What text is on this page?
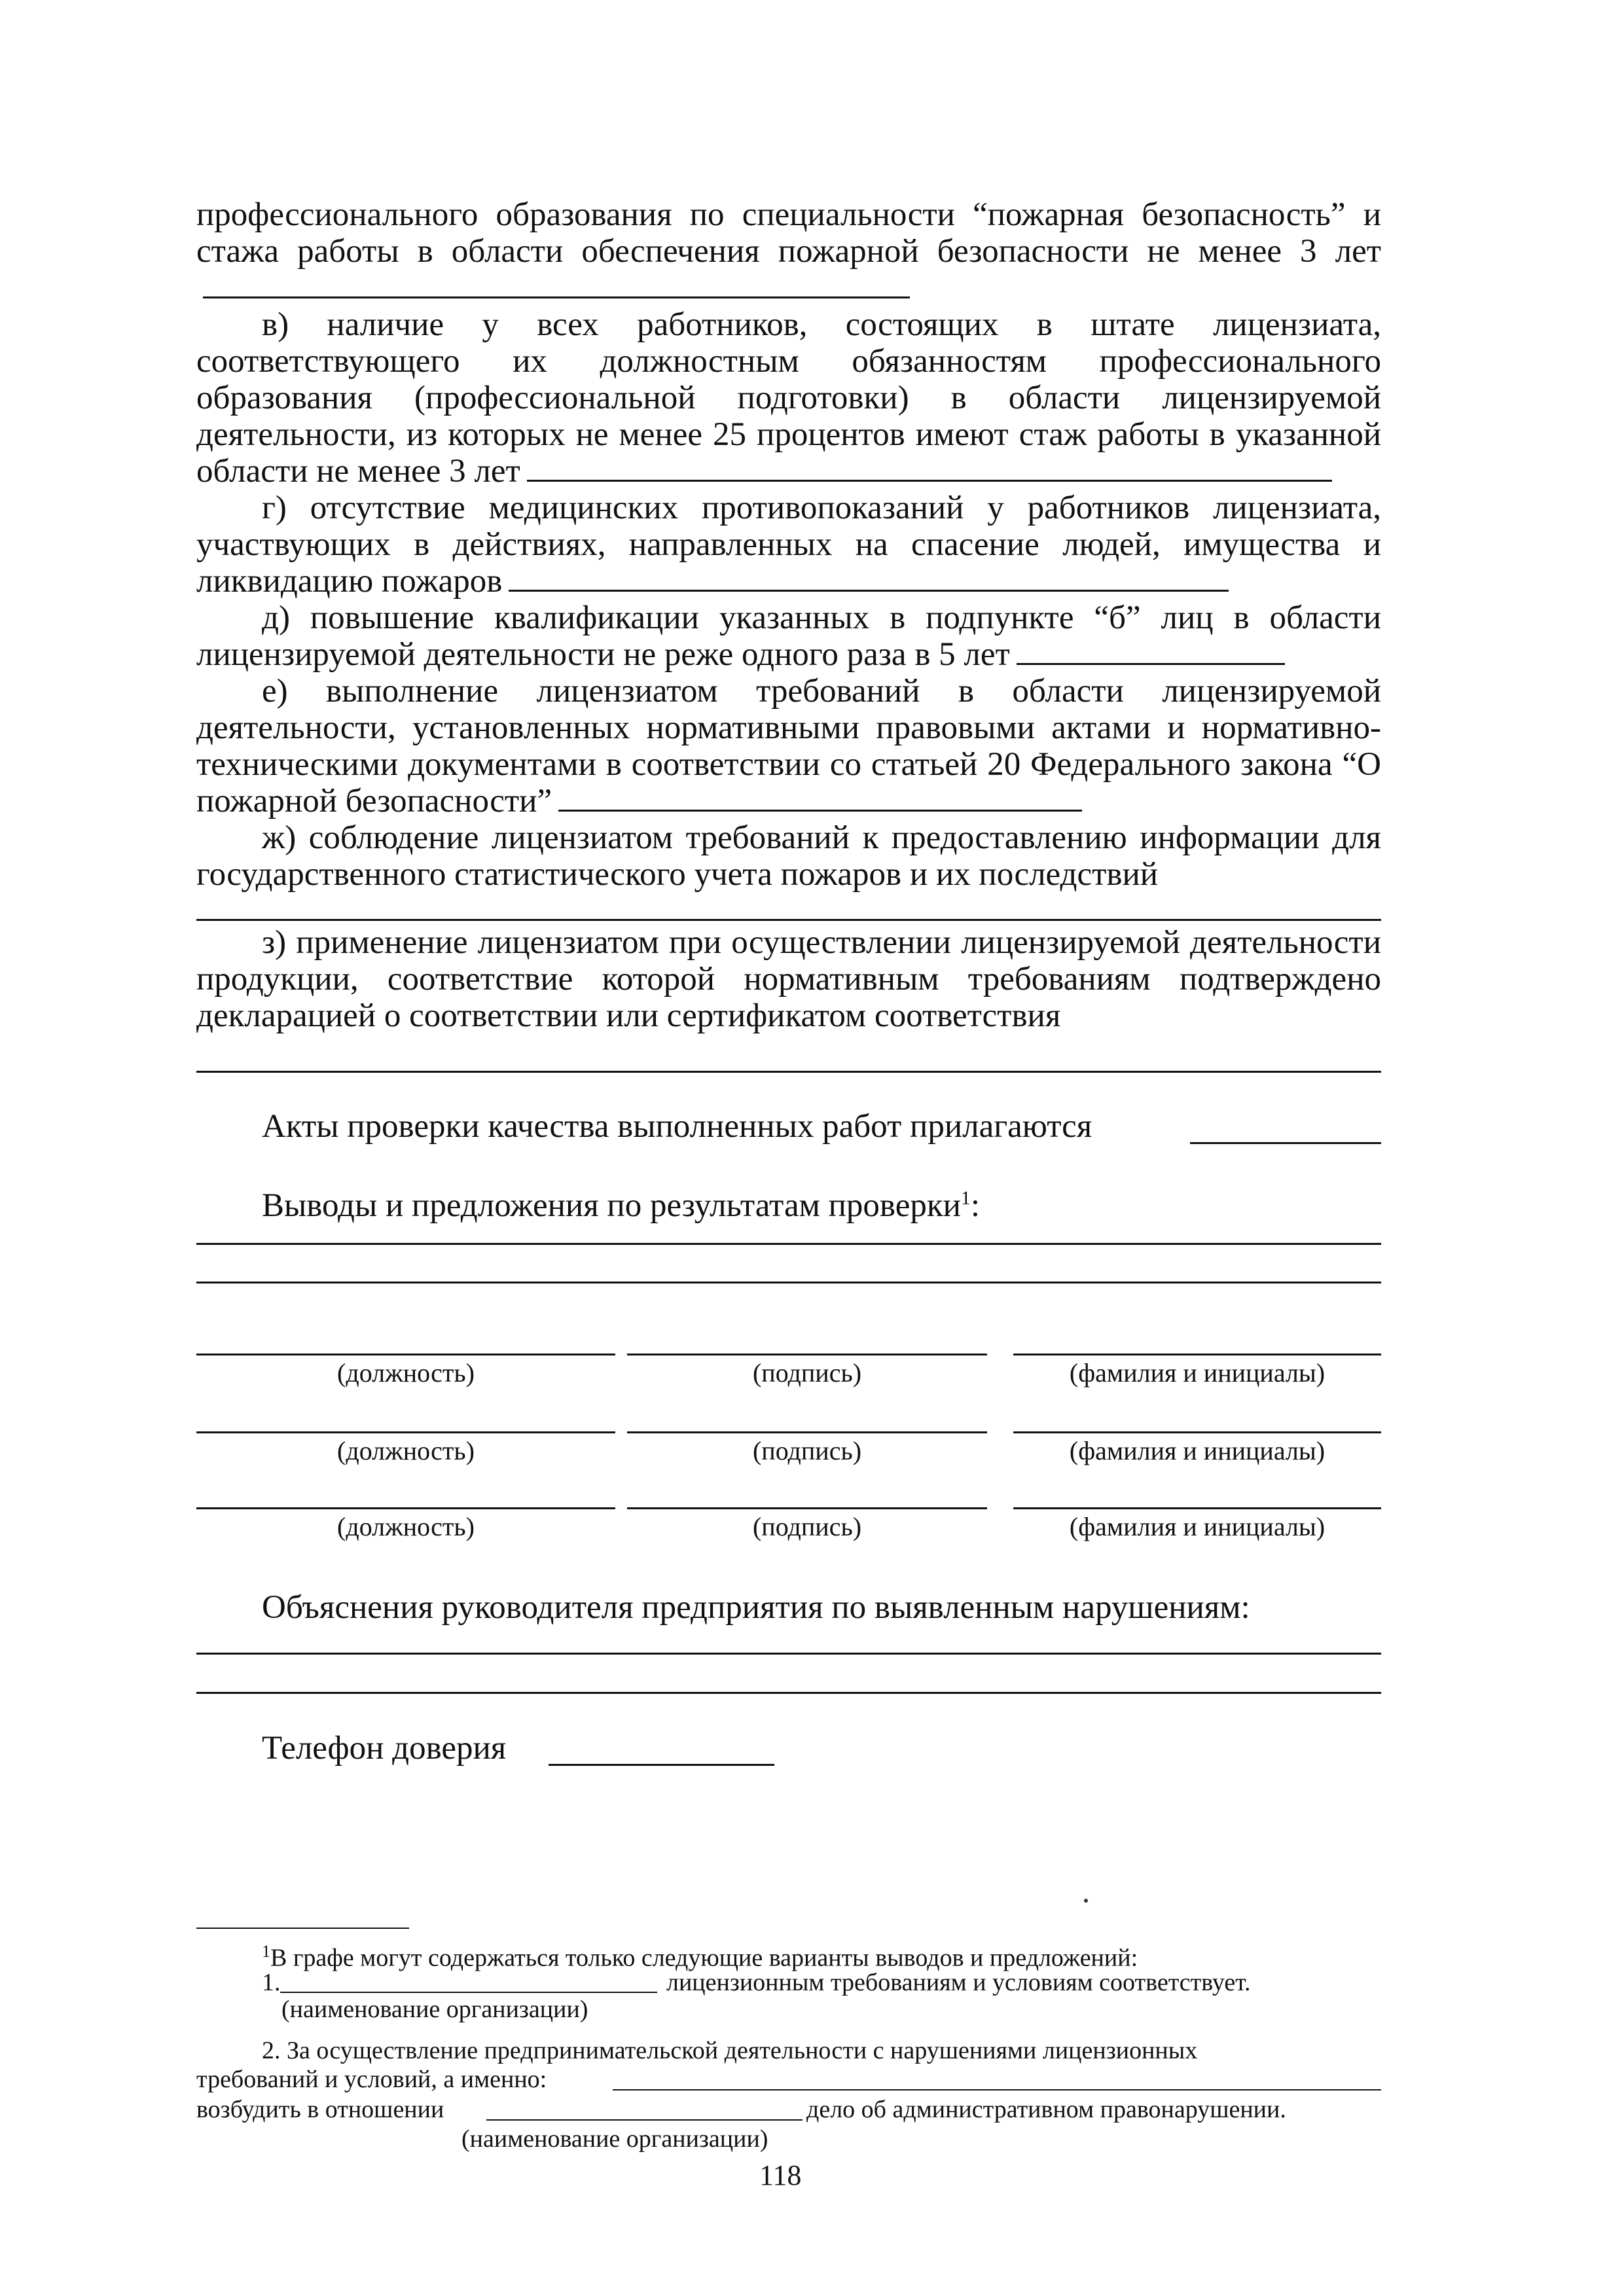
профессионального образования по специальности “пожарная безопасность” и стажа работы в области обеспечения пожарной безопасности не менее 3 лет

в) наличие у всех работников, состоящих в штате лицензиата, соответствующего их должностным обязанностям профессионального образования (профессиональной подготовки) в области лицензируемой деятельности, из которых не менее 25 процентов имеют стаж работы в указанной области не менее 3 лет

г) отсутствие медицинских противопоказаний у работников лицензиата, участвующих в действиях, направленных на спасение людей, имущества и ликвидацию пожаров

д) повышение квалификации указанных в подпункте “б” лиц в области лицензируемой деятельности не реже одного раза в 5 лет

е) выполнение лицензиатом требований в области лицензируемой деятельности, установленных нормативными правовыми актами и нормативно-техническими документами в соответствии со статьей 20 Федерального закона “О пожарной безопасности”

ж) соблюдение лицензиатом требований к предоставлению информации для государственного статистического учета пожаров и их последствий

з) применение лицензиатом при осуществлении лицензируемой деятельности продукции, соответствие которой нормативным требованиям подтверждено декларацией о соответствии или сертификатом соответствия

Акты проверки качества выполненных работ прилагаются
Выводы и предложения по результатам проверки$^1$:
(должность)	(подпись)	(фамилия и инициалы)
(должность)	(подпись)	(фамилия и инициалы)
(должность)	(подпись)	(фамилия и инициалы)
Объяснения руководителя предприятия по выявленным нарушениям:
Телефон доверия
$^1$В графе могут содержаться только следующие варианты выводов и предложений:
1.	лицензионным требованиям и условиям соответствует.
(наименование организации)
2. За осуществление предпринимательской деятельности с нарушениями лицензионных
требований и условий, а именно:
возбудить в отношении	дело об административном правонарушении.
(наименование организации)
118
